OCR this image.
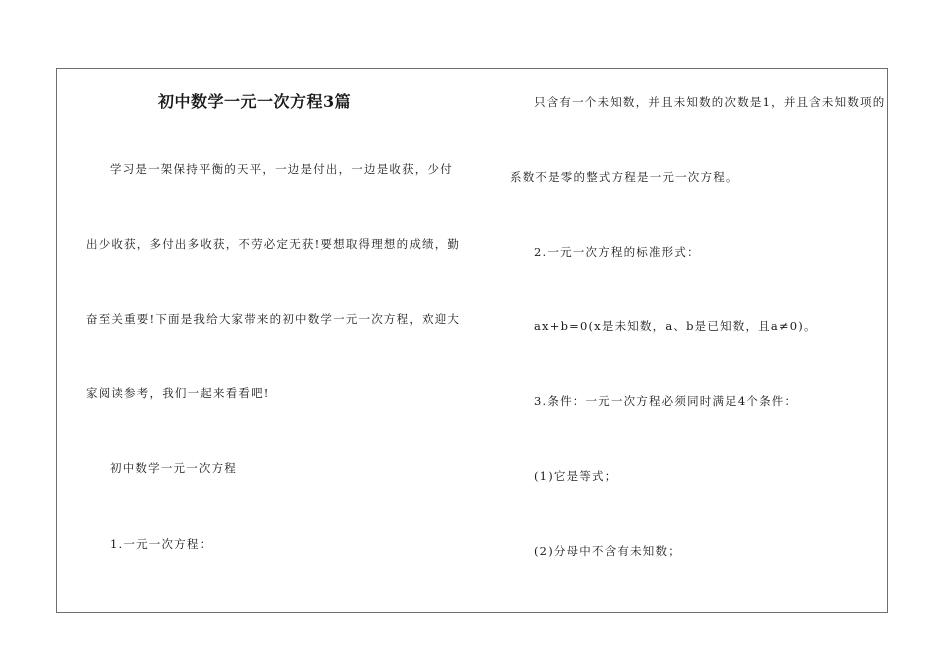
初中数学一元一次方程3篇
学习是一架保持平衡的天平，一边是付出，一边是收获，少付
出少收获，多付出多收获，不劳必定无获!要想取得理想的成绩，勤
奋至关重要!下面是我给大家带来的初中数学一元一次方程，欢迎大
家阅读参考，我们一起来看看吧!
初中数学一元一次方程
1.一元一次方程：
只含有一个未知数，并且未知数的次数是1，并且含未知数项的
系数不是零的整式方程是一元一次方程。
2.一元一次方程的标准形式：
ax+b=0(x是未知数，a、b是已知数，且a≠0)。
3.条件：一元一次方程必须同时满足4个条件：
(1)它是等式；
(2)分母中不含有未知数；
